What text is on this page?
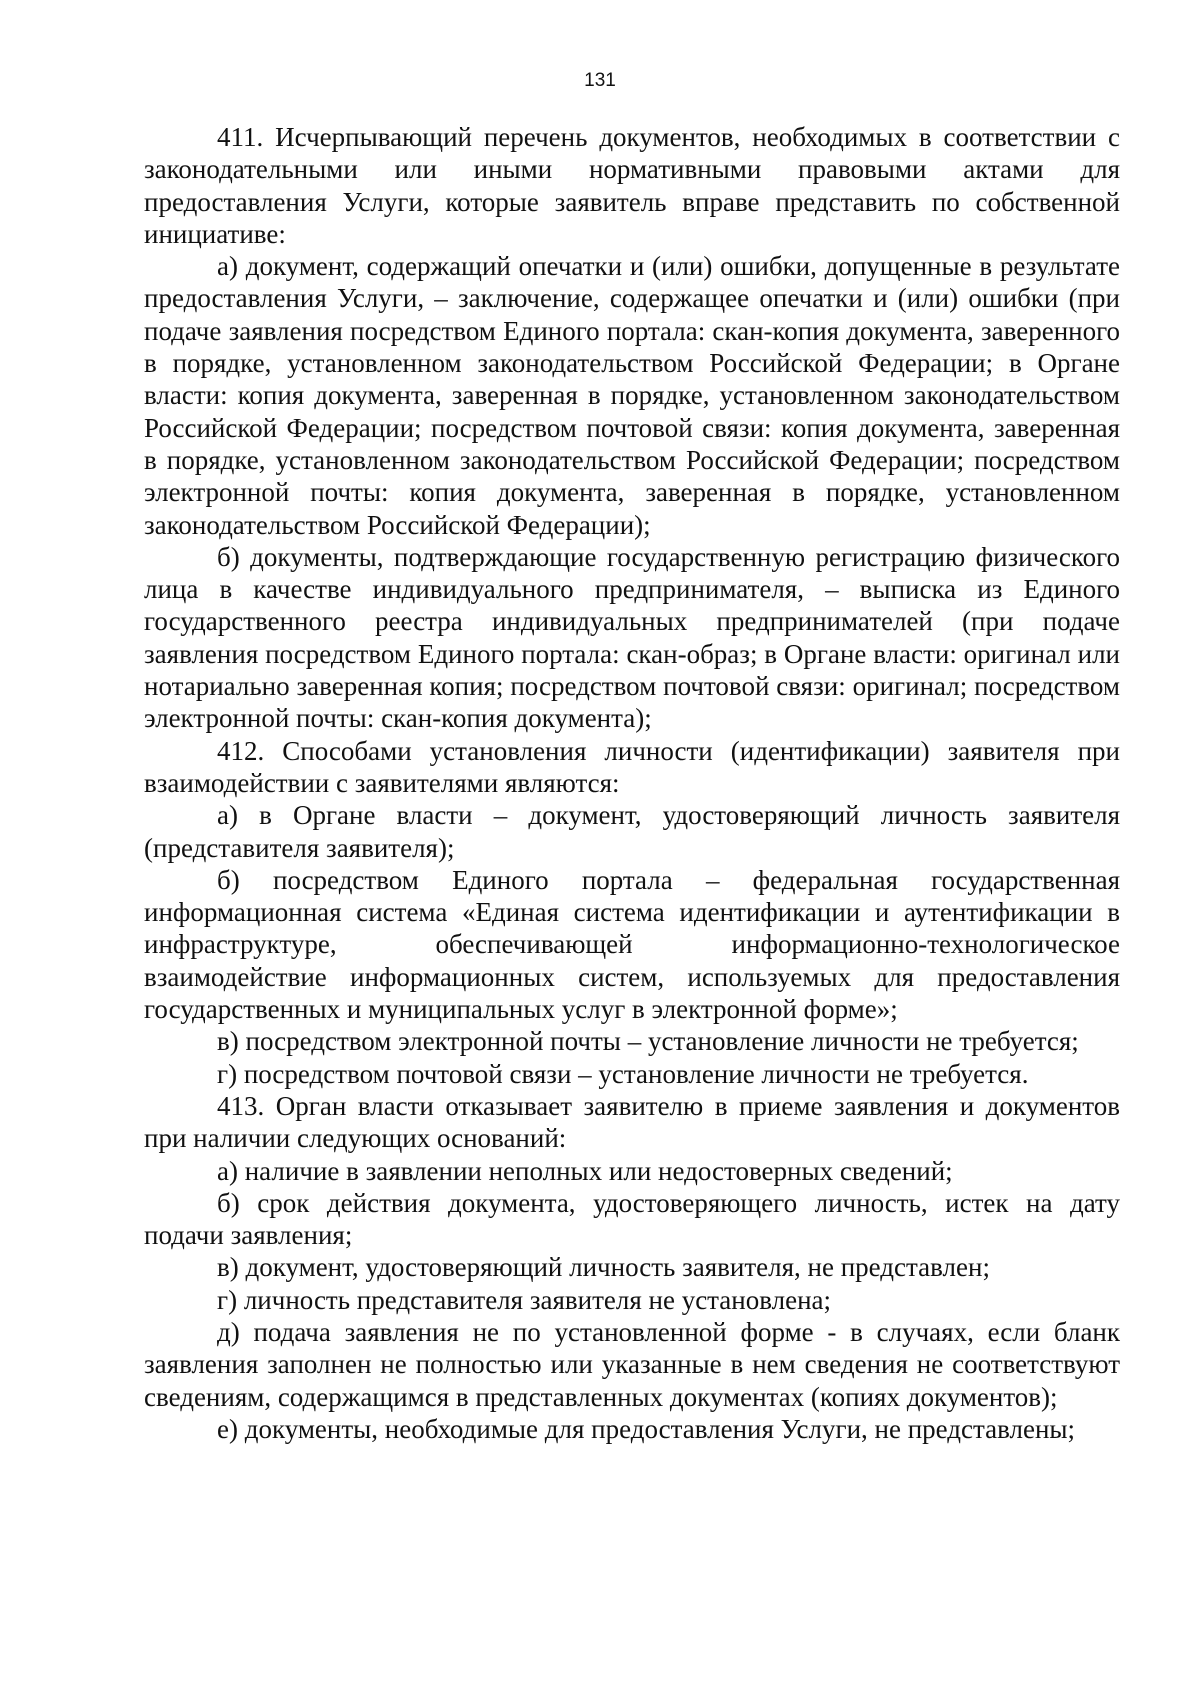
131

411. Исчерпывающий перечень документов, необходимых в соответствии с законодательными или иными нормативными правовыми актами для предоставления Услуги, которые заявитель вправе представить по собственной инициативе:

а) документ, содержащий опечатки и (или) ошибки, допущенные в результате предоставления Услуги, – заключение, содержащее опечатки и (или) ошибки (при подаче заявления посредством Единого портала: скан-копия документа, заверенного в порядке, установленном законодательством Российской Федерации; в Органе власти: копия документа, заверенная в порядке, установленном законодательством Российской Федерации; посредством почтовой связи: копия документа, заверенная в порядке, установленном законодательством Российской Федерации; посредством электронной почты: копия документа, заверенная в порядке, установленном законодательством Российской Федерации);

б) документы, подтверждающие государственную регистрацию физического лица в качестве индивидуального предпринимателя, – выписка из Единого государственного реестра индивидуальных предпринимателей (при подаче заявления посредством Единого портала: скан-образ; в Органе власти: оригинал или нотариально заверенная копия; посредством почтовой связи: оригинал; посредством электронной почты: скан-копия документа);

412. Способами установления личности (идентификации) заявителя при взаимодействии с заявителями являются:

а) в Органе власти – документ, удостоверяющий личность заявителя (представителя заявителя);

б) посредством Единого портала – федеральная государственная информационная система «Единая система идентификации и аутентификации в инфраструктуре, обеспечивающей информационно-технологическое взаимодействие информационных систем, используемых для предоставления государственных и муниципальных услуг в электронной форме»;

в) посредством электронной почты – установление личности не требуется;

г) посредством почтовой связи – установление личности не требуется.

413. Орган власти отказывает заявителю в приеме заявления и документов при наличии следующих оснований:

а) наличие в заявлении неполных или недостоверных сведений;

б) срок действия документа, удостоверяющего личность, истек на дату подачи заявления;

в) документ, удостоверяющий личность заявителя, не представлен;

г) личность представителя заявителя не установлена;

д) подача заявления не по установленной форме - в случаях, если бланк заявления заполнен не полностью или указанные в нем сведения не соответствуют сведениям, содержащимся в представленных документах (копиях документов);

е) документы, необходимые для предоставления Услуги, не представлены;
